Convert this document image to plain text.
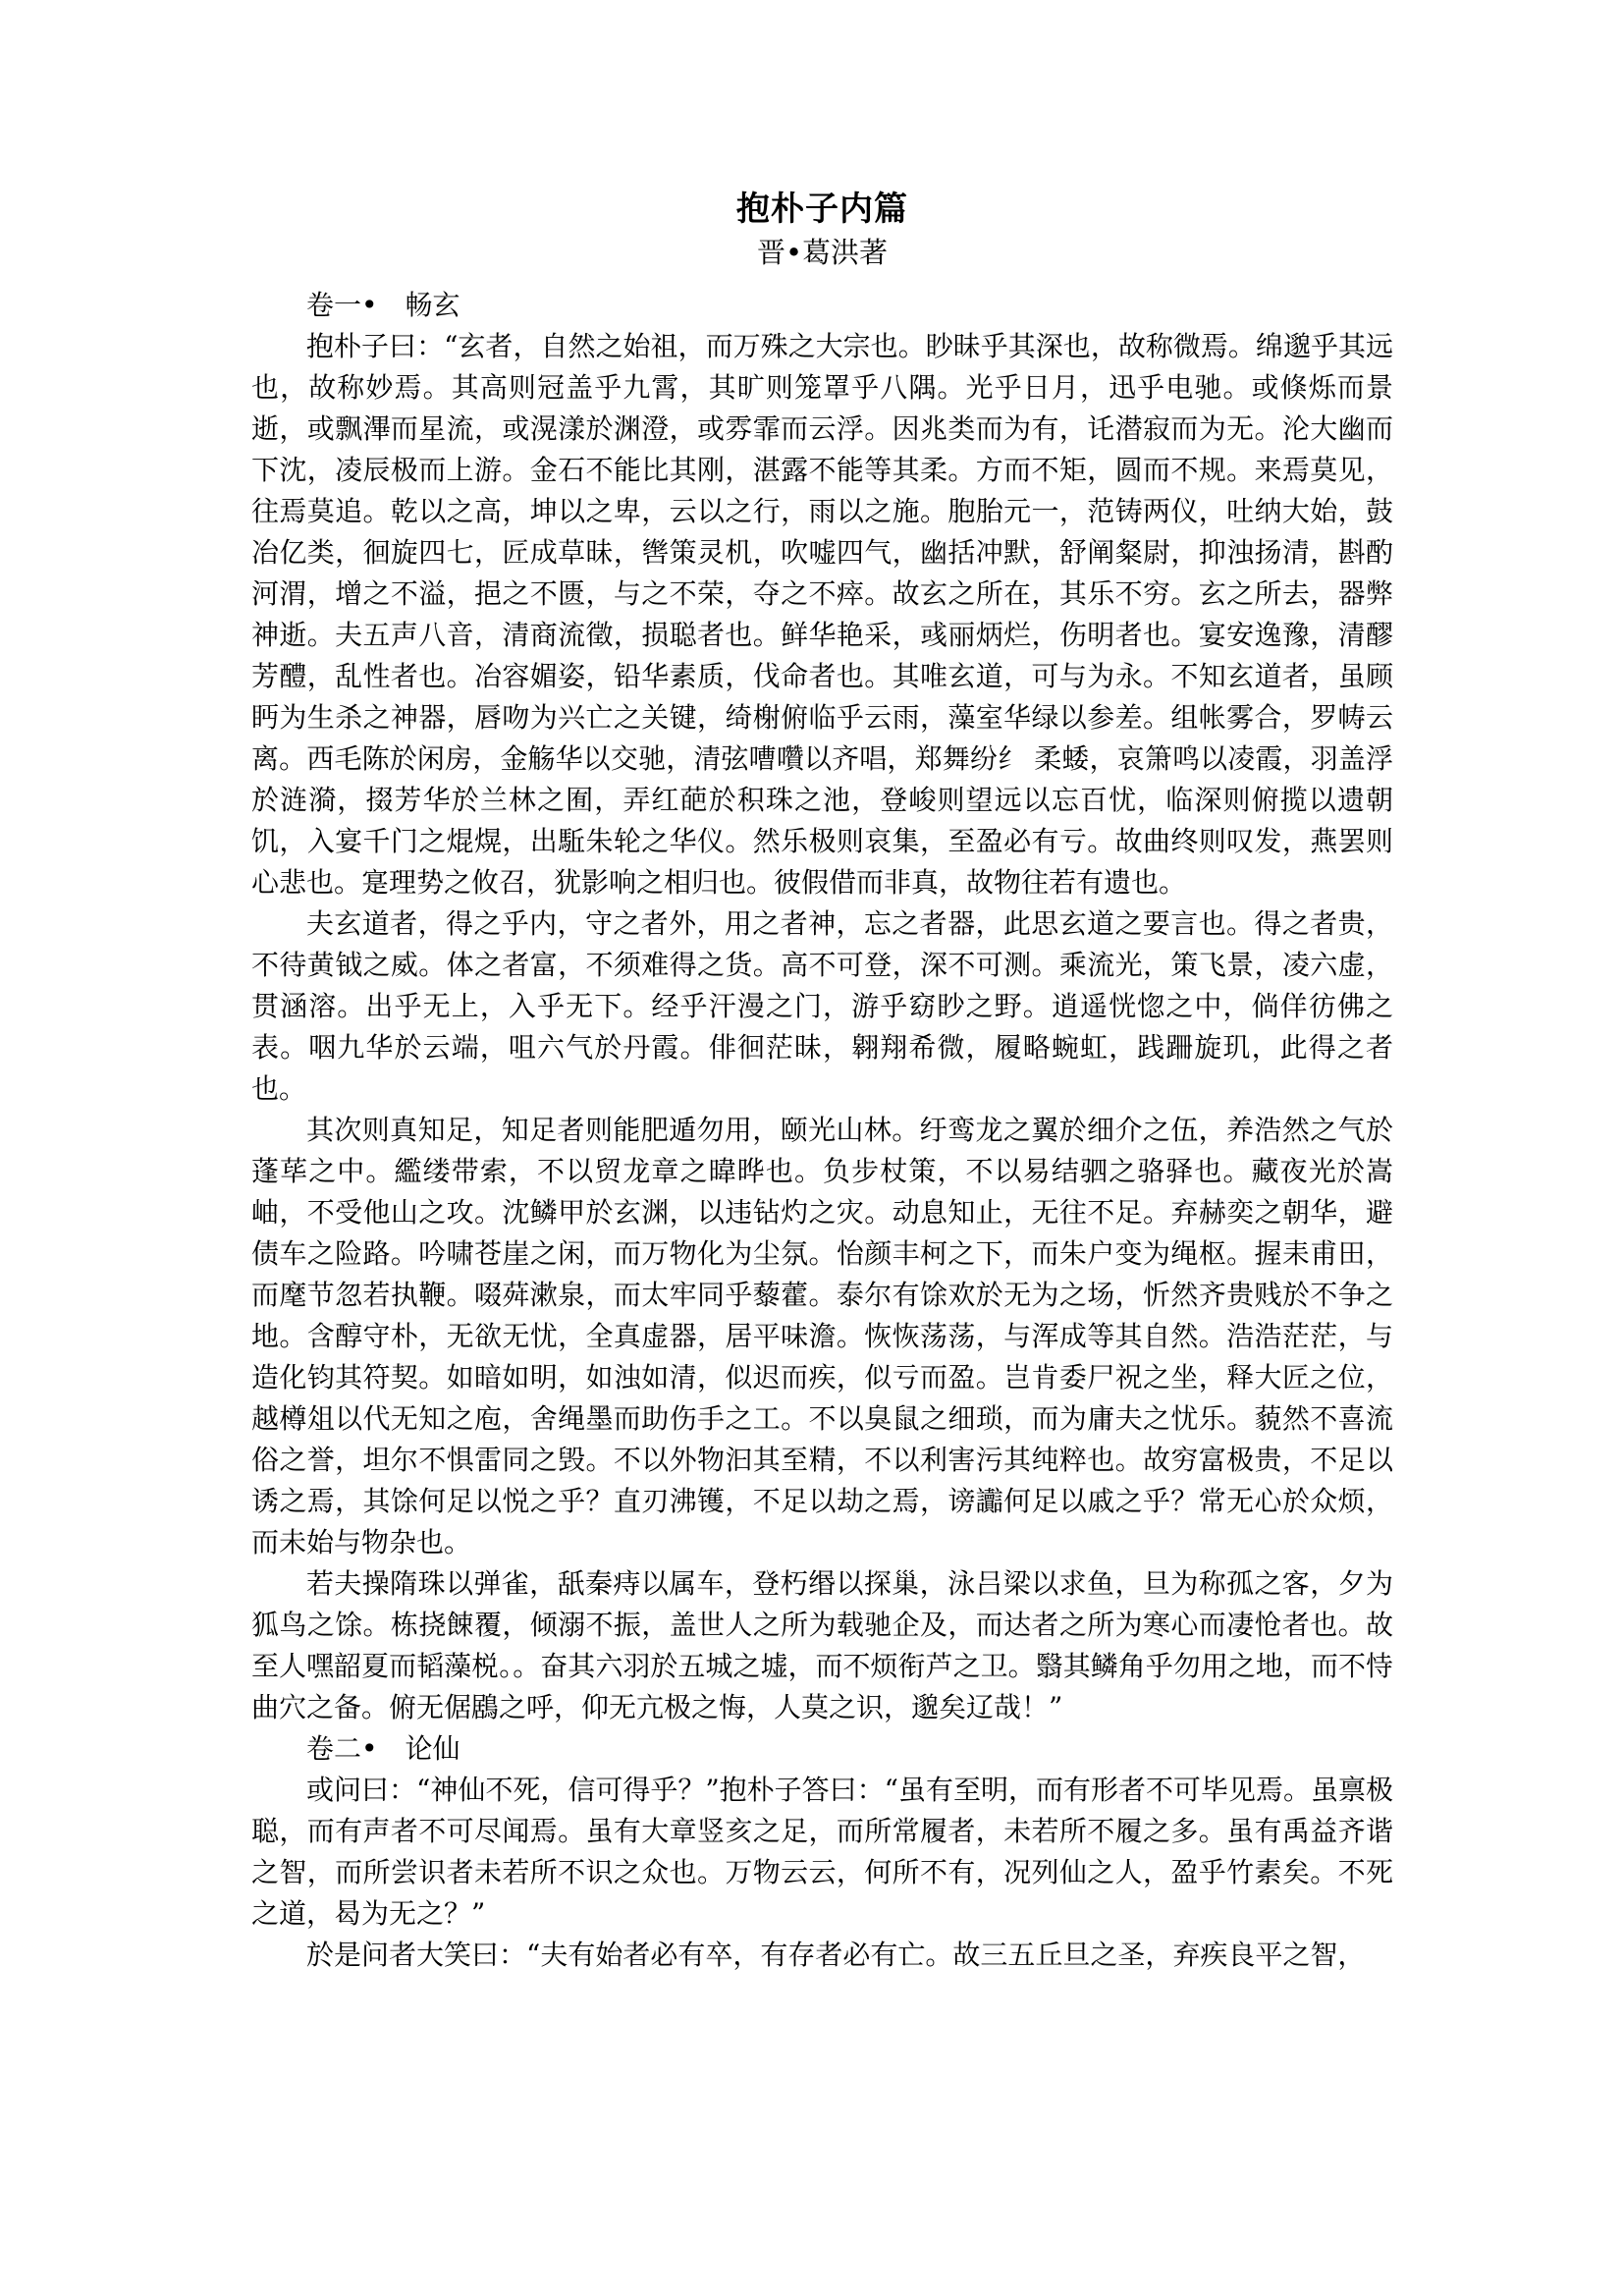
抱朴子内篇
晋•葛洪著

卷一•　畅玄

抱朴子曰：“玄者，自然之始祖，而万殊之大宗也。眇昧乎其深也，故称微焉。绵邈乎其远也，故称妙焉。其高则冠盖乎九霄，其旷则笼罩乎八隅。光乎日月，迅乎电驰。或倏烁而景逝，或飘滭而星流，或滉漾於渊澄，或雰霏而云浮。因兆类而为有，讬潜寂而为无。沦大幽而下沈，凌辰极而上游。金石不能比其刚，湛露不能等其柔。方而不矩，圆而不规。来焉莫见，往焉莫追。乾以之高，坤以之卑，云以之行，雨以之施。胞胎元一，范铸两仪，吐纳大始，鼓冶亿类，徊旋四七，匠成草昧，辔策灵机，吹嘘四气，幽括冲默，舒阐粲尉，抑浊扬清，斟酌河渭，增之不溢，挹之不匮，与之不荣，夺之不瘁。故玄之所在，其乐不穷。玄之所去，器弊神逝。夫五声八音，清商流徵，损聪者也。鲜华艳采，彧丽炳烂，伤明者也。宴安逸豫，清醪芳醴，乱性者也。冶容媚姿，铅华素质，伐命者也。其唯玄道，可与为永。不知玄道者，虽顾眄为生杀之神器，唇吻为兴亡之关键，绮榭俯临乎云雨，藻室华绿以参差。组帐雾合，罗帱云离。西毛陈於闲房，金觞华以交驰，清弦嘈囋以齐唱，郑舞纷纟 柔蜲，哀箫鸣以凌霞，羽盖浮於涟漪，掇芳华於兰林之囿，弄红葩於积珠之池，登峻则望远以忘百忧，临深则俯揽以遗朝饥，入宴千门之焜熀，出駈朱轮之华仪。然乐极则哀集，至盈必有亏。故曲终则叹发，燕罢则心悲也。寔理势之攸召，犹影响之相归也。彼假借而非真，故物往若有遗也。

夫玄道者，得之乎内，守之者外，用之者神，忘之者器，此思玄道之要言也。得之者贵，不待黄钺之威。体之者富，不须难得之货。高不可登，深不可测。乘流光，策飞景，凌六虚，贯涵溶。出乎无上，入乎无下。经乎汗漫之门，游乎窈眇之野。逍遥恍惚之中，倘佯彷佛之表。咽九华於云端，咀六气於丹霞。俳徊茫昧，翱翔希微，履略蜿虹，践跚旋玑，此得之者也。

其次则真知足，知足者则能肥遁勿用，颐光山林。纡鸾龙之翼於细介之伍，养浩然之气於蓬荜之中。繿缕带索，不以贸龙章之暐晔也。负步杖策，不以易结驷之骆驿也。藏夜光於嵩岫，不受他山之攻。沈鳞甲於玄渊，以违钻灼之灾。动息知止，无往不足。弃赫奕之朝华，避债车之险路。吟啸苍崖之闲，而万物化为尘氛。怡颜丰柯之下，而朱户变为绳枢。握耒甫田，而麾节忽若执鞭。啜荈漱泉，而太牢同乎藜藿。泰尔有馀欢於无为之场，忻然齐贵贱於不争之地。含醇守朴，无欲无忧，全真虚器，居平味澹。恢恢荡荡，与浑成等其自然。浩浩茫茫，与造化钧其符契。如暗如明，如浊如清，似迟而疾，似亏而盈。岂肯委尸祝之坐，释大匠之位，越樽俎以代无知之庖，舍绳墨而助伤手之工。不以臭鼠之细琐，而为庸夫之忧乐。藐然不喜流俗之誉，坦尔不惧雷同之毁。不以外物汩其至精，不以利害污其纯粹也。故穷富极贵，不足以诱之焉，其馀何足以悦之乎？直刃沸镬，不足以劫之焉，谤讟何足以戚之乎？常无心於众烦，而未始与物杂也。

若夫操隋珠以弹雀，舐秦痔以属车，登朽缗以探巢，泳吕梁以求鱼，旦为称孤之客，夕为狐鸟之馀。栋挠餗覆，倾溺不振，盖世人之所为载驰企及，而达者之所为寒心而凄怆者也。故至人嘿韶夏而韬藻棁。。奋其六羽於五城之墟，而不烦衔芦之卫。翳其鳞角乎勿用之地，而不恃曲穴之备。俯无倨鶋之呼，仰无亢极之悔，人莫之识，邈矣辽哉！”

卷二•　论仙

或问曰：“神仙不死，信可得乎？”抱朴子答曰：“虽有至明，而有形者不可毕见焉。虽禀极聪，而有声者不可尽闻焉。虽有大章竖亥之足，而所常履者，未若所不履之多。虽有禹益齐谐之智，而所尝识者未若所不识之众也。万物云云，何所不有，况列仙之人，盈乎竹素矣。不死之道，曷为无之？”

於是问者大笑曰：“夫有始者必有卒，有存者必有亡。故三五丘旦之圣，弃疾良平之智，
